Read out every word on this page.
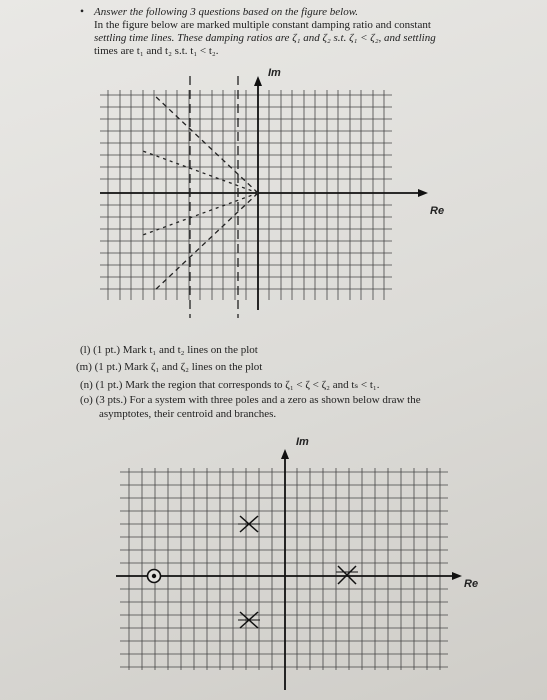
• Answer the following 3 questions based on the figure below.
In the figure below are marked multiple constant damping ratio and constant
settling time lines. These damping ratios are ζ₁ and ζ₂ s.t. ζ₁ < ζ₂, and settling
times are t₁ and t₂ s.t. t₁ < t₂.
Im
Re
(l) (1 pt.) Mark t₁ and t₂ lines on the plot
(m) (1 pt.) Mark ζ₁ and ζ₂ lines on the plot
(n) (1 pt.) Mark the region that corresponds to ζ₁ < ζ < ζ₂ and tₛ < t₁.
(o) (3 pts.) For a system with three poles and a zero as shown below draw the
asymptotes, their centroid and branches.
Im
Re
